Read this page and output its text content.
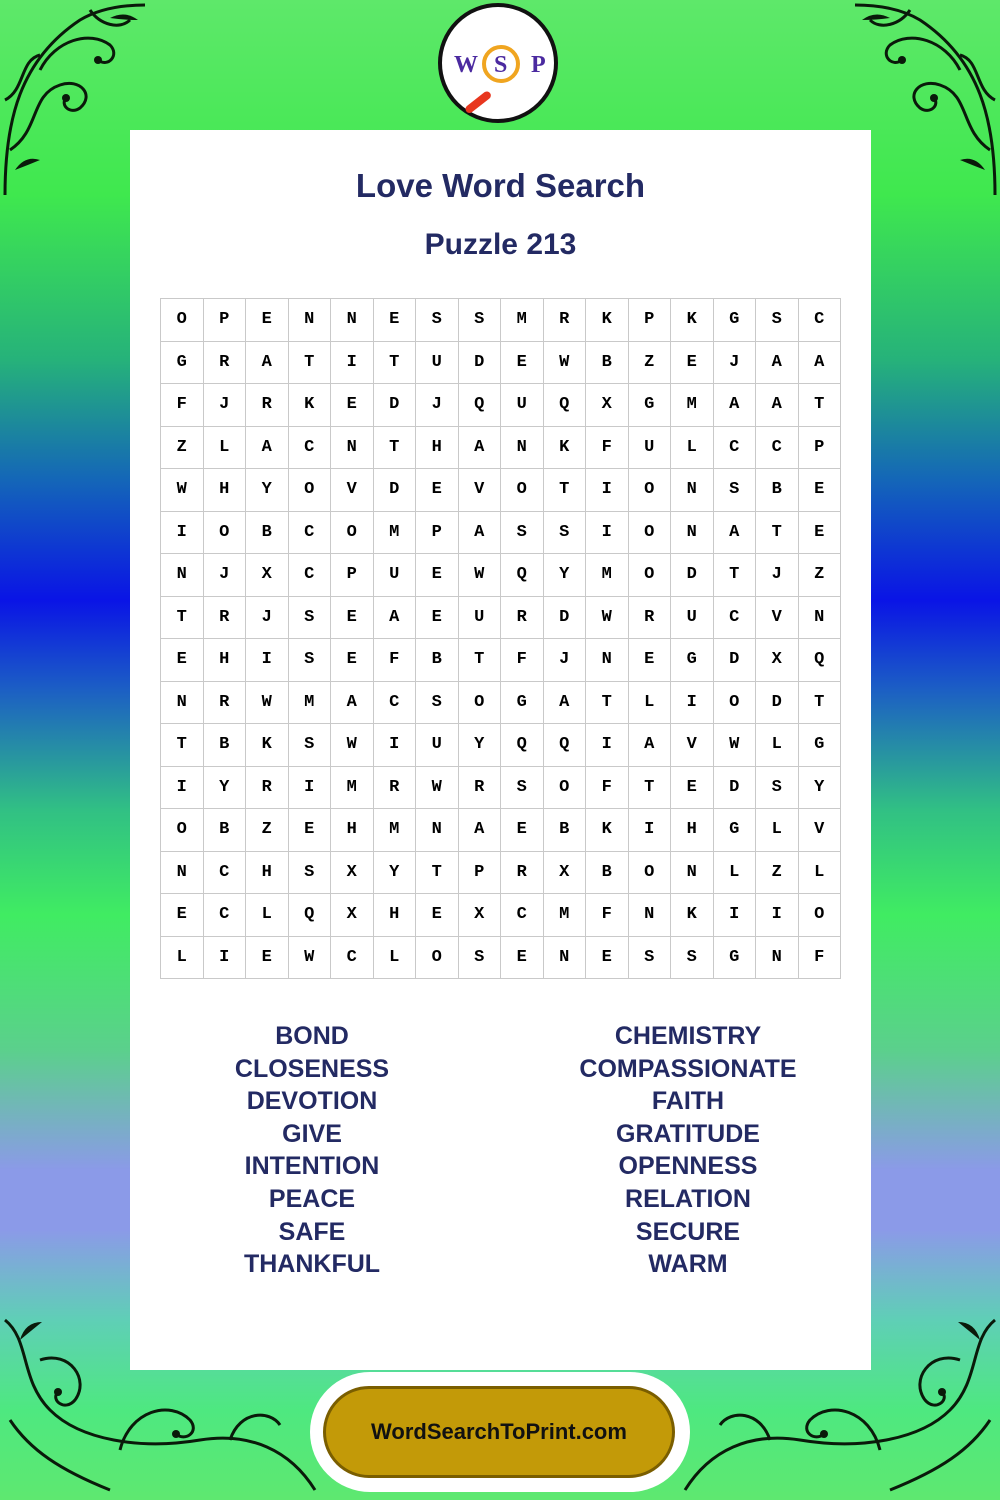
W S P
Love Word Search
Puzzle 213
O	P	E	N	N	E	S	S	M	R	K	P	K	G	S	C
G	R	A	T	I	T	U	D	E	W	B	Z	E	J	A	A
F	J	R	K	E	D	J	Q	U	Q	X	G	M	A	A	T
Z	L	A	C	N	T	H	A	N	K	F	U	L	C	C	P
W	H	Y	O	V	D	E	V	O	T	I	O	N	S	B	E
I	O	B	C	O	M	P	A	S	S	I	O	N	A	T	E
N	J	X	C	P	U	E	W	Q	Y	M	O	D	T	J	Z
T	R	J	S	E	A	E	U	R	D	W	R	U	C	V	N
E	H	I	S	E	F	B	T	F	J	N	E	G	D	X	Q
N	R	W	M	A	C	S	O	G	A	T	L	I	O	D	T
T	B	K	S	W	I	U	Y	Q	Q	I	A	V	W	L	G
I	Y	R	I	M	R	W	R	S	O	F	T	E	D	S	Y
O	B	Z	E	H	M	N	A	E	B	K	I	H	G	L	V
N	C	H	S	X	Y	T	P	R	X	B	O	N	L	Z	L
E	C	L	Q	X	H	E	X	C	M	F	N	K	I	I	O
L	I	E	W	C	L	O	S	E	N	E	S	S	G	N	F
BOND
CLOSENESS
DEVOTION
GIVE
INTENTION
PEACE
SAFE
THANKFUL
CHEMISTRY
COMPASSIONATE
FAITH
GRATITUDE
OPENNESS
RELATION
SECURE
WARM
WordSearchToPrint.com
